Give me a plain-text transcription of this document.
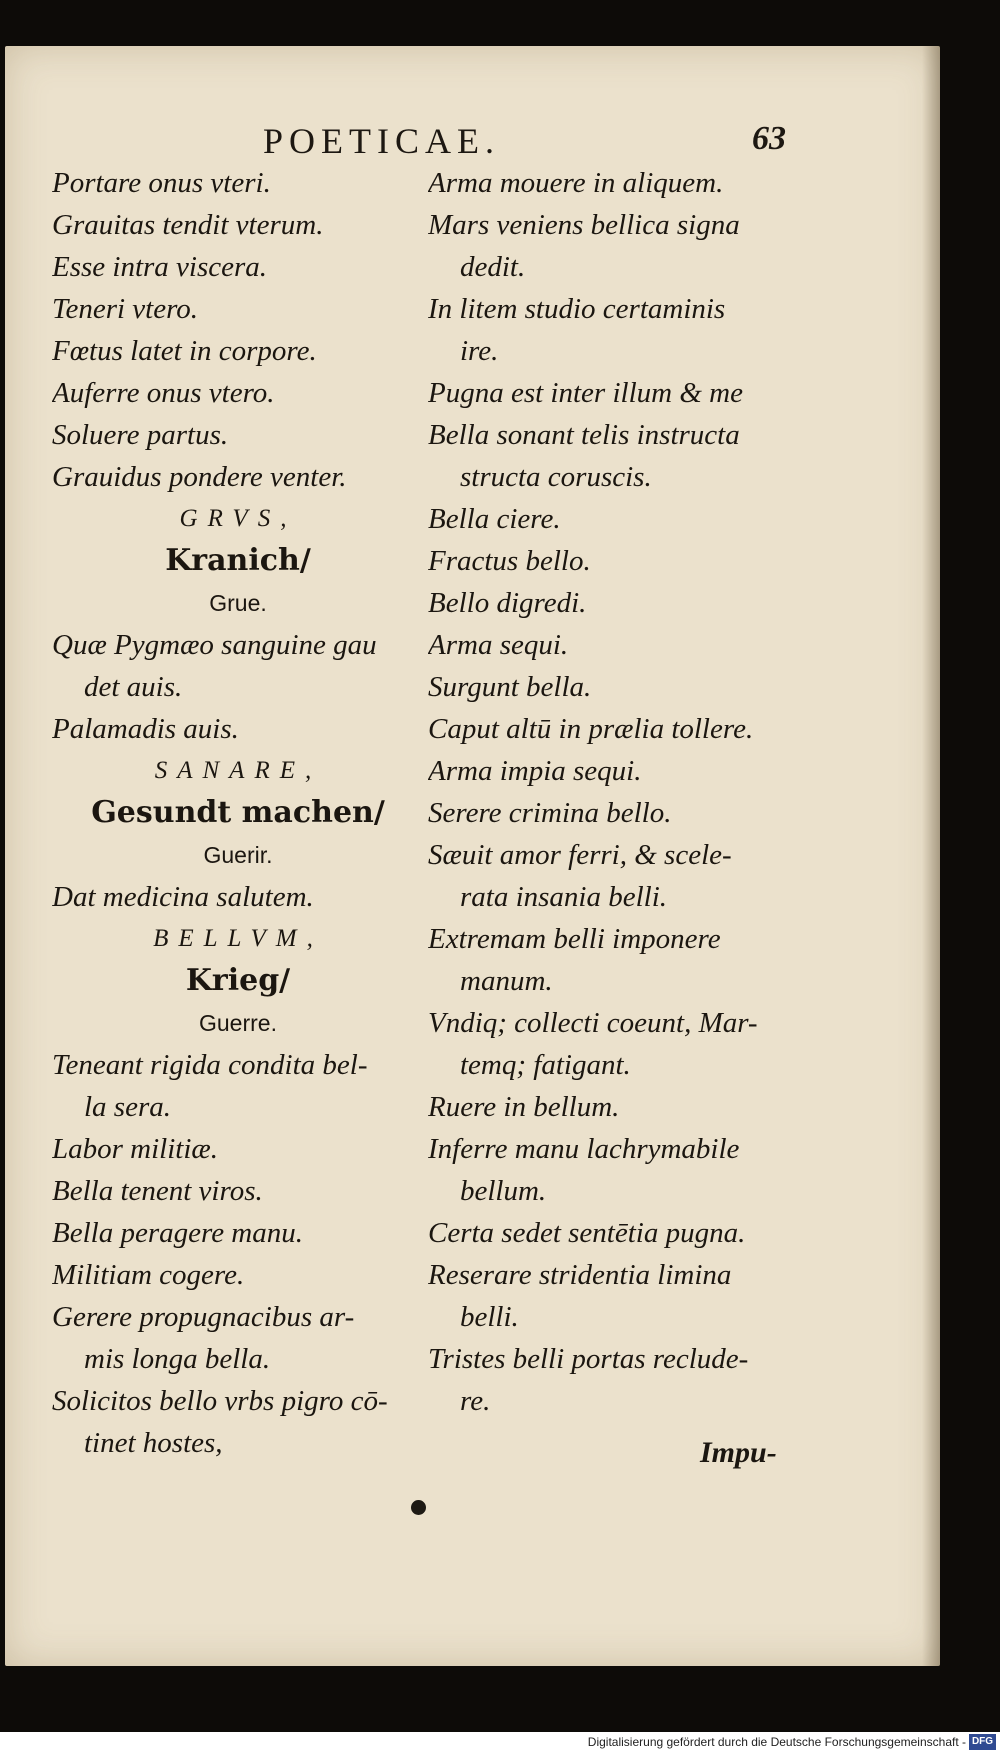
POETICAE.	63
Portare onus vteri.
Grauitas tendit vterum.
Esse intra viscera.
Teneri vtero.
Fœtus latet in corpore.
Auferre onus vtero.
Soluere partus.
Grauidus pondere venter.
GRVS,
Kranich/
Grue.
Quæ Pygmæo sanguine gau
det auis.
Palamadis auis.
SANARE,
Gesundt machen/
Guerir.
Dat medicina salutem.
BELLVM,
Krieg/
Guerre.
Teneant rigida condita bel-
la sera.
Labor militiæ.
Bella tenent viros.
Bella peragere manu.
Militiam cogere.
Gerere propugnacibus ar-
mis longa bella.
Solicitos bello vrbs pigro cō-
tinet hostes,
Arma mouere in aliquem.
Mars veniens bellica signa
dedit.
In litem studio certaminis
ire.
Pugna est inter illum & me
Bella sonant telis instructa
structa coruscis.
Bella ciere.
Fractus bello.
Bello digredi.
Arma sequi.
Surgunt bella.
Caput altū in prælia tollere.
Arma impia sequi.
Serere crimina bello.
Sæuit amor ferri, & scele-
rata insania belli.
Extremam belli imponere
manum.
Vndiq; collecti coeunt, Mar-
temq; fatigant.
Ruere in bellum.
Inferre manu lachrymabile
bellum.
Certa sedet sentētia pugna.
Reserare stridentia limina
belli.
Tristes belli portas reclude-
re.
Impu-
Digitalisierung gefördert durch die Deutsche Forschungsgemeinschaft - DFG
